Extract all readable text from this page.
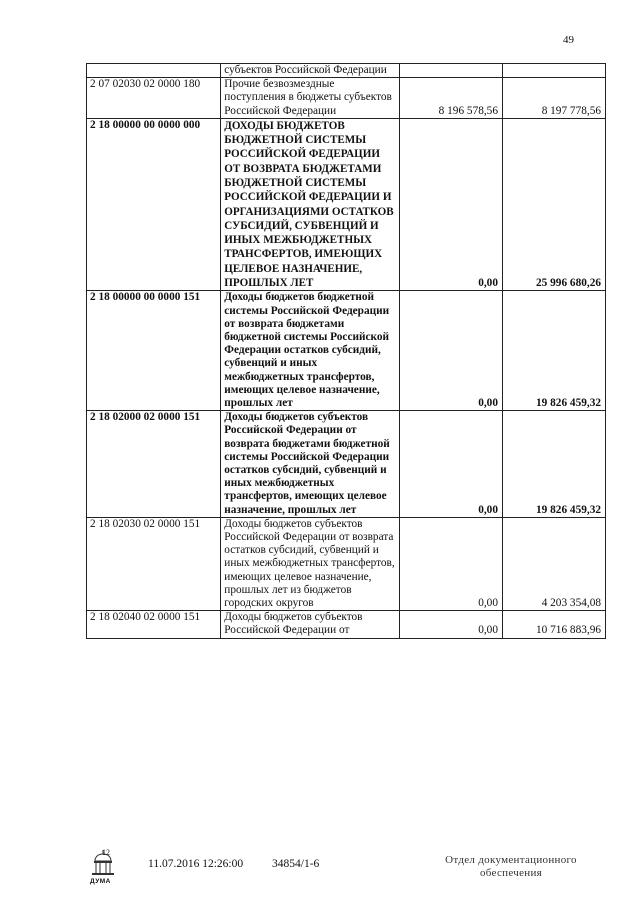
49
	субъектов Российской Федерации		
2 07 02030 02 0000 180	Прочие безвозмездные поступления в бюджеты субъектов Российской Федерации	8 196 578,56	8 197 778,56
2 18 00000 00 0000 000	ДОХОДЫ БЮДЖЕТОВ БЮДЖЕТНОЙ СИСТЕМЫ РОССИЙСКОЙ ФЕДЕРАЦИИ ОТ ВОЗВРАТА БЮДЖЕТАМИ БЮДЖЕТНОЙ СИСТЕМЫ РОССИЙСКОЙ ФЕДЕРАЦИИ И ОРГАНИЗАЦИЯМИ ОСТАТКОВ СУБСИДИЙ, СУБВЕНЦИЙ И ИНЫХ МЕЖБЮДЖЕТНЫХ ТРАНСФЕРТОВ, ИМЕЮЩИХ ЦЕЛЕВОЕ НАЗНАЧЕНИЕ, ПРОШЛЫХ ЛЕТ	0,00	25 996 680,26
2 18 00000 00 0000 151	Доходы бюджетов бюджетной системы Российской Федерации от возврата бюджетами бюджетной системы Российской Федерации остатков субсидий, субвенций и иных межбюджетных трансфертов, имеющих целевое назначение, прошлых лет	0,00	19 826 459,32
2 18 02000 02 0000 151	Доходы бюджетов субъектов Российской Федерации от возврата бюджетами бюджетной системы Российской Федерации остатков субсидий, субвенций и иных межбюджетных трансфертов, имеющих целевое назначение, прошлых лет	0,00	19 826 459,32
2 18 02030 02 0000 151	Доходы бюджетов субъектов Российской Федерации от возврата остатков субсидий, субвенций и иных межбюджетных трансфертов, имеющих целевое назначение, прошлых лет из бюджетов городских округов	0,00	4 203 354,08
2 18 02040 02 0000 151	Доходы бюджетов субъектов Российской Федерации от	0,00	10 716 883,96
12
ДУМА
11.07.2016 12:26:00	34854/1-6	Отдел документационного обеспечения
